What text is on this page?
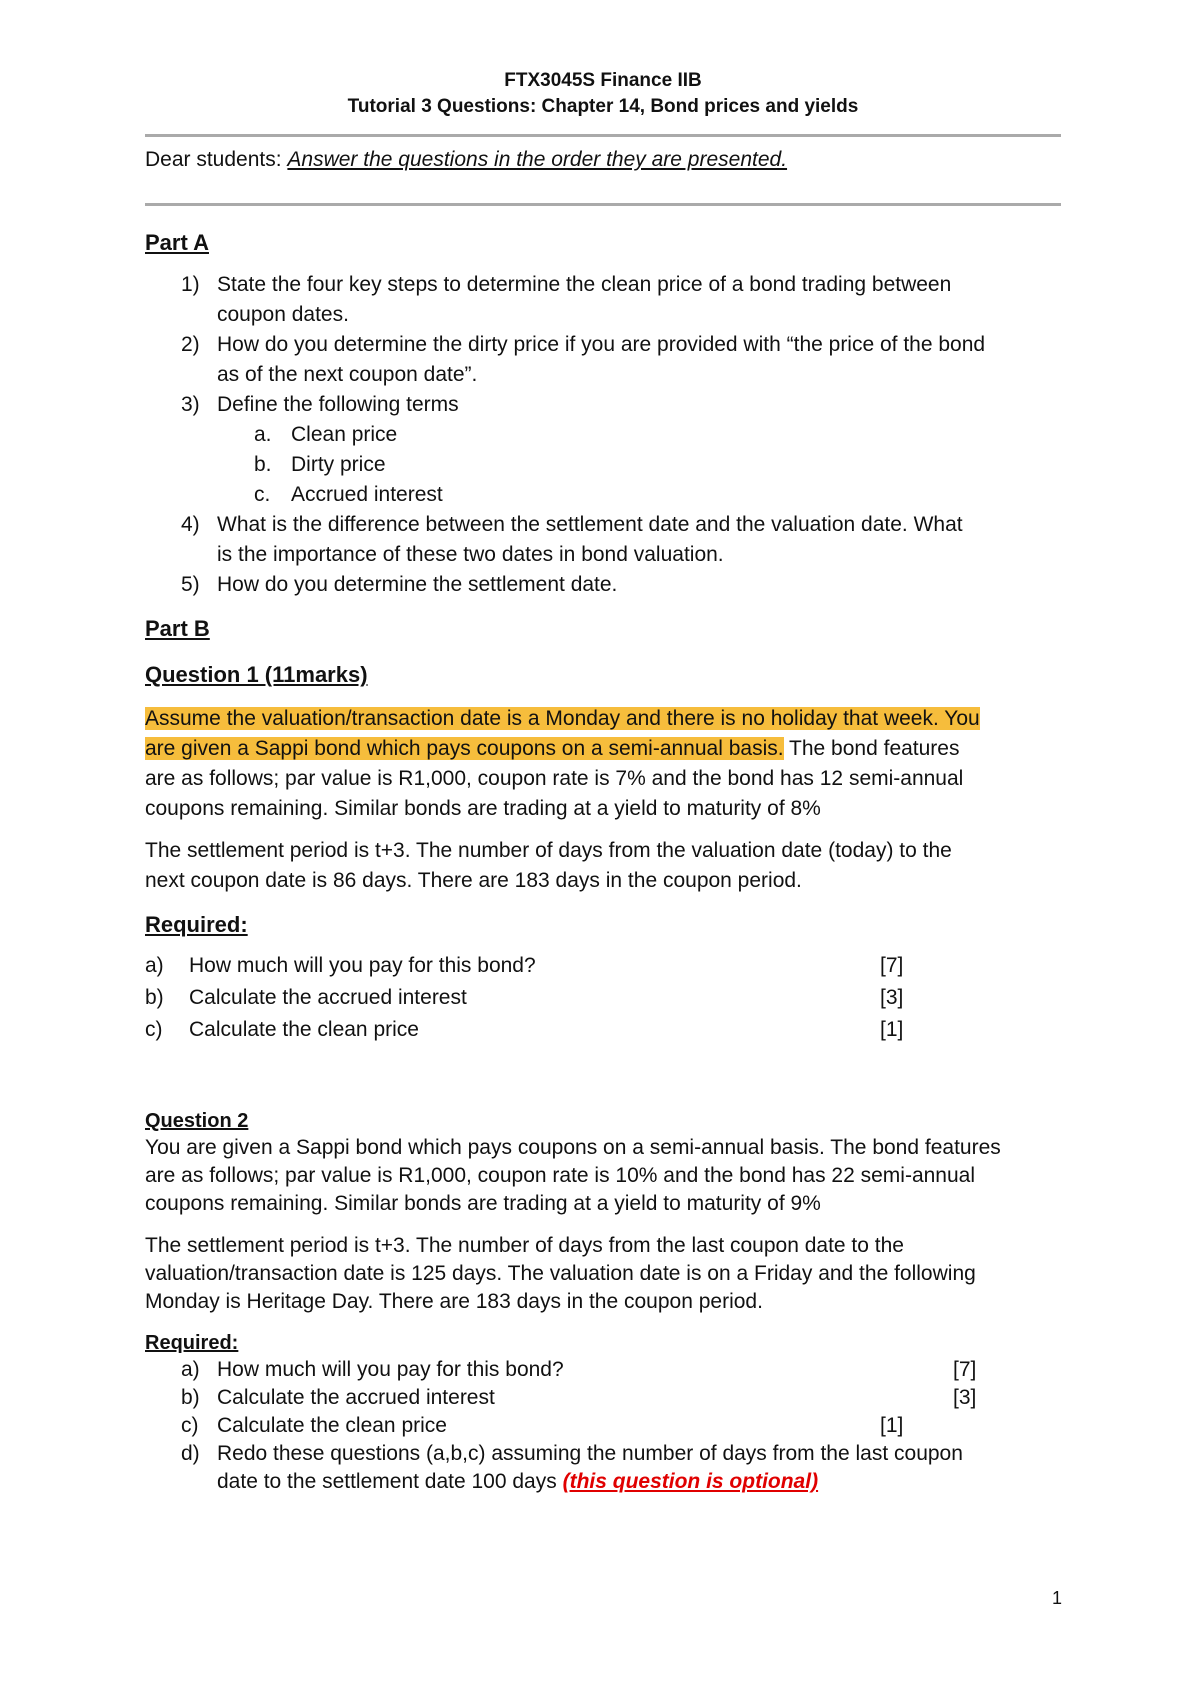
FTX3045S Finance IIB
Tutorial 3 Questions: Chapter 14, Bond prices and yields
Dear students: Answer the questions in the order they are presented.
Part A
1) State the four key steps to determine the clean price of a bond trading between
coupon dates.
2) How do you determine the dirty price if you are provided with “the price of the bond
as of the next coupon date”.
3) Define the following terms
a. Clean price
b. Dirty price
c. Accrued interest
4) What is the difference between the settlement date and the valuation date. What
is the importance of these two dates in bond valuation.
5) How do you determine the settlement date.
Part B
Question 1 (11marks)
Assume the valuation/transaction date is a Monday and there is no holiday that week. You
are given a Sappi bond which pays coupons on a semi-annual basis. The bond features
are as follows; par value is R1,000, coupon rate is 7% and the bond has 12 semi-annual
coupons remaining. Similar bonds are trading at a yield to maturity of 8%
The settlement period is t+3. The number of days from the valuation date (today) to the
next coupon date is 86 days. There are 183 days in the coupon period.
Required:
a) How much will you pay for this bond?	[7]
b) Calculate the accrued interest	[3]
c) Calculate the clean price	[1]
Question 2
You are given a Sappi bond which pays coupons on a semi-annual basis. The bond features
are as follows; par value is R1,000, coupon rate is 10% and the bond has 22 semi-annual
coupons remaining. Similar bonds are trading at a yield to maturity of 9%
The settlement period is t+3. The number of days from the last coupon date to the
valuation/transaction date is 125 days. The valuation date is on a Friday and the following
Monday is Heritage Day. There are 183 days in the coupon period.
Required:
a) How much will you pay for this bond?	[7]
b) Calculate the accrued interest	[3]
c) Calculate the clean price	[1]
d) Redo these questions (a,b,c) assuming the number of days from the last coupon
date to the settlement date 100 days (this question is optional)
1
